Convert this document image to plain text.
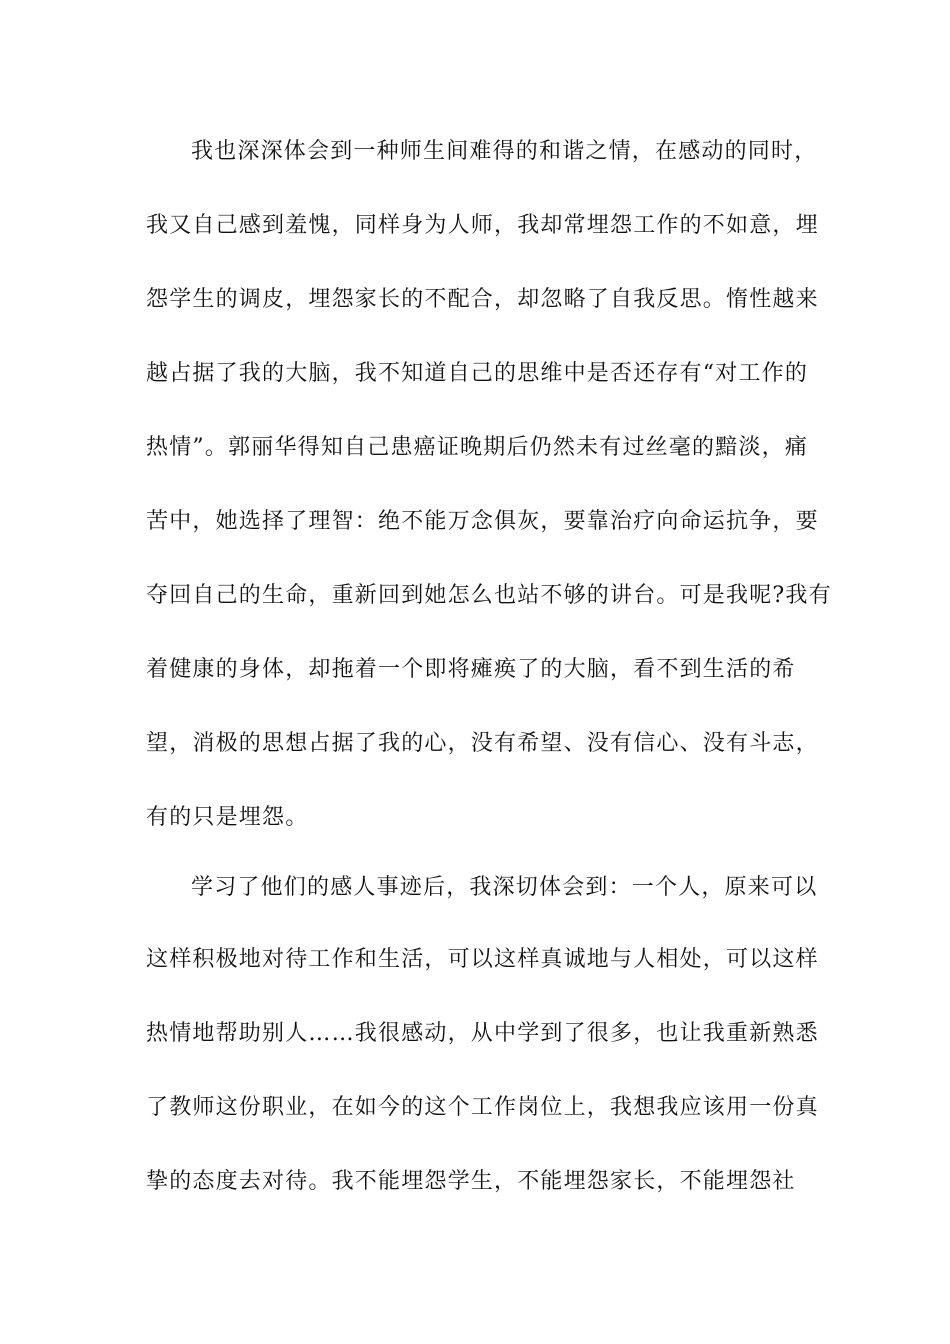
我也深深体会到一种师生间难得的和谐之情，在感动的同时，

我又自己感到羞愧，同样身为人师，我却常埋怨工作的不如意，埋

怨学生的调皮，埋怨家长的不配合，却忽略了自我反思。惰性越来

越占据了我的大脑，我不知道自己的思维中是否还存有“对工作的

热情”。郭丽华得知自己患癌证晚期后仍然未有过丝毫的黯淡，痛

苦中，她选择了理智：绝不能万念俱灰，要靠治疗向命运抗争，要

夺回自己的生命，重新回到她怎么也站不够的讲台。可是我呢?我有

着健康的身体，却拖着一个即将瘫痪了的大脑，看不到生活的希

望，消极的思想占据了我的心，没有希望、没有信心、没有斗志，

有的只是埋怨。

学习了他们的感人事迹后，我深切体会到：一个人，原来可以

这样积极地对待工作和生活，可以这样真诚地与人相处，可以这样

热情地帮助别人……我很感动，从中学到了很多，也让我重新熟悉

了教师这份职业，在如今的这个工作岗位上，我想我应该用一份真

挚的态度去对待。我不能埋怨学生，不能埋怨家长，不能埋怨社
